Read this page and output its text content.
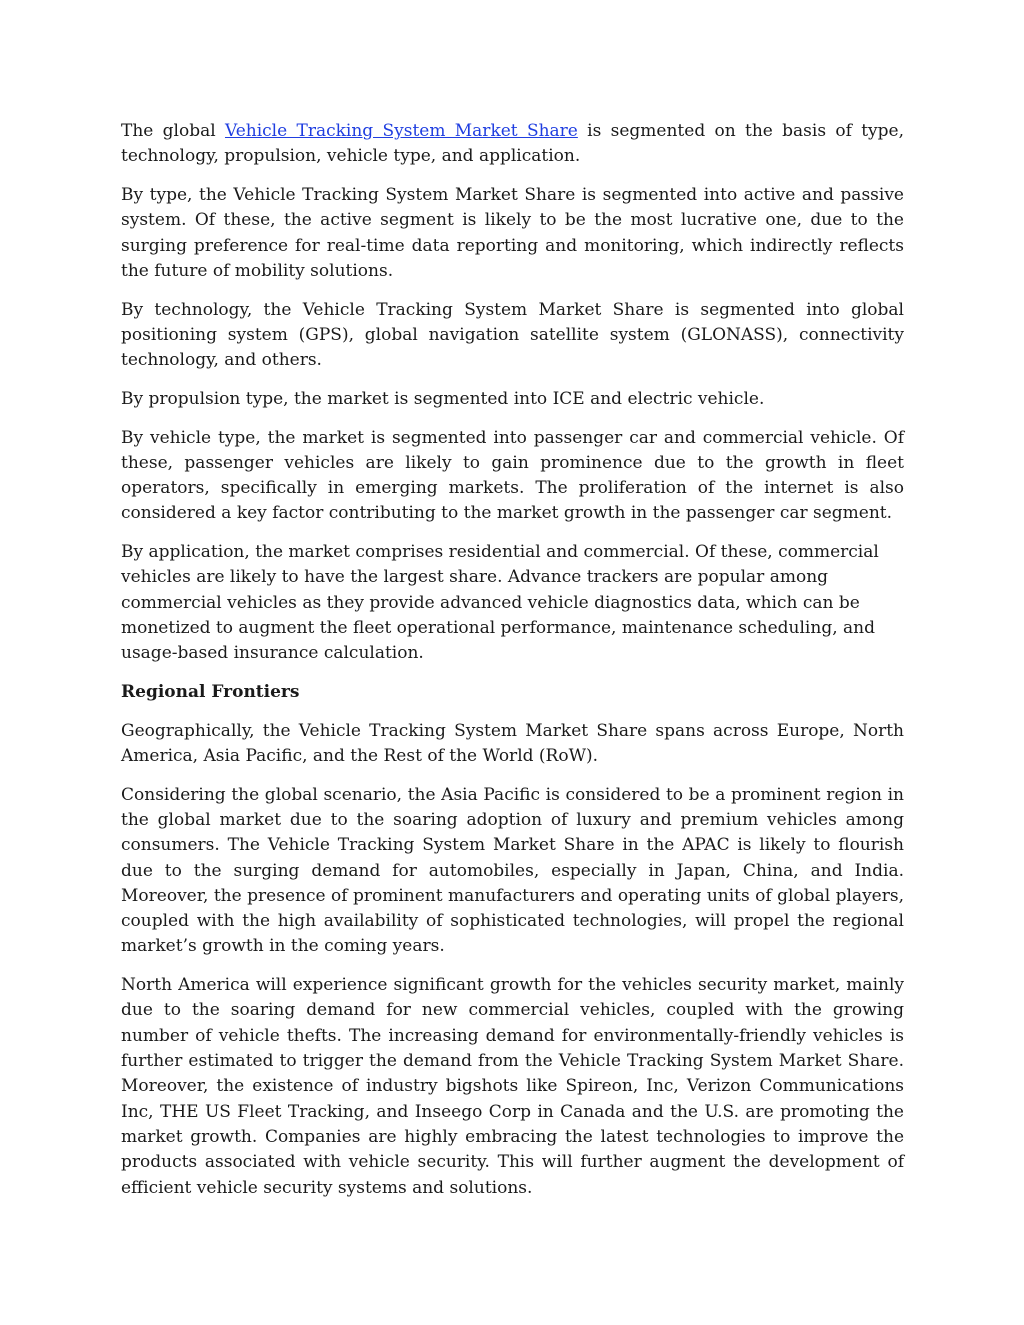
The global Vehicle Tracking System Market Share is segmented on the basis of type, technology, propulsion, vehicle type, and application.

By type, the Vehicle Tracking System Market Share is segmented into active and passive system. Of these, the active segment is likely to be the most lucrative one, due to the surging preference for real-time data reporting and monitoring, which indirectly reflects the future of mobility solutions.

By technology, the Vehicle Tracking System Market Share is segmented into global positioning system (GPS), global navigation satellite system (GLONASS), connectivity technology, and others.

By propulsion type, the market is segmented into ICE and electric vehicle.

By vehicle type, the market is segmented into passenger car and commercial vehicle. Of these, passenger vehicles are likely to gain prominence due to the growth in fleet operators, specifically in emerging markets. The proliferation of the internet is also considered a key factor contributing to the market growth in the passenger car segment.

By application, the market comprises residential and commercial. Of these, commercial vehicles are likely to have the largest share. Advance trackers are popular among commercial vehicles as they provide advanced vehicle diagnostics data, which can be monetized to augment the fleet operational performance, maintenance scheduling, and usage-based insurance calculation.

Regional Frontiers

Geographically, the Vehicle Tracking System Market Share spans across Europe, North America, Asia Pacific, and the Rest of the World (RoW).

Considering the global scenario, the Asia Pacific is considered to be a prominent region in the global market due to the soaring adoption of luxury and premium vehicles among consumers. The Vehicle Tracking System Market Share in the APAC is likely to flourish due to the surging demand for automobiles, especially in Japan, China, and India. Moreover, the presence of prominent manufacturers and operating units of global players, coupled with the high availability of sophisticated technologies, will propel the regional market’s growth in the coming years.

North America will experience significant growth for the vehicles security market, mainly due to the soaring demand for new commercial vehicles, coupled with the growing number of vehicle thefts. The increasing demand for environmentally-friendly vehicles is further estimated to trigger the demand from the Vehicle Tracking System Market Share. Moreover, the existence of industry bigshots like Spireon, Inc, Verizon Communications Inc, THE US Fleet Tracking, and Inseego Corp in Canada and the U.S. are promoting the market growth. Companies are highly embracing the latest technologies to improve the products associated with vehicle security. This will further augment the development of efficient vehicle security systems and solutions.
